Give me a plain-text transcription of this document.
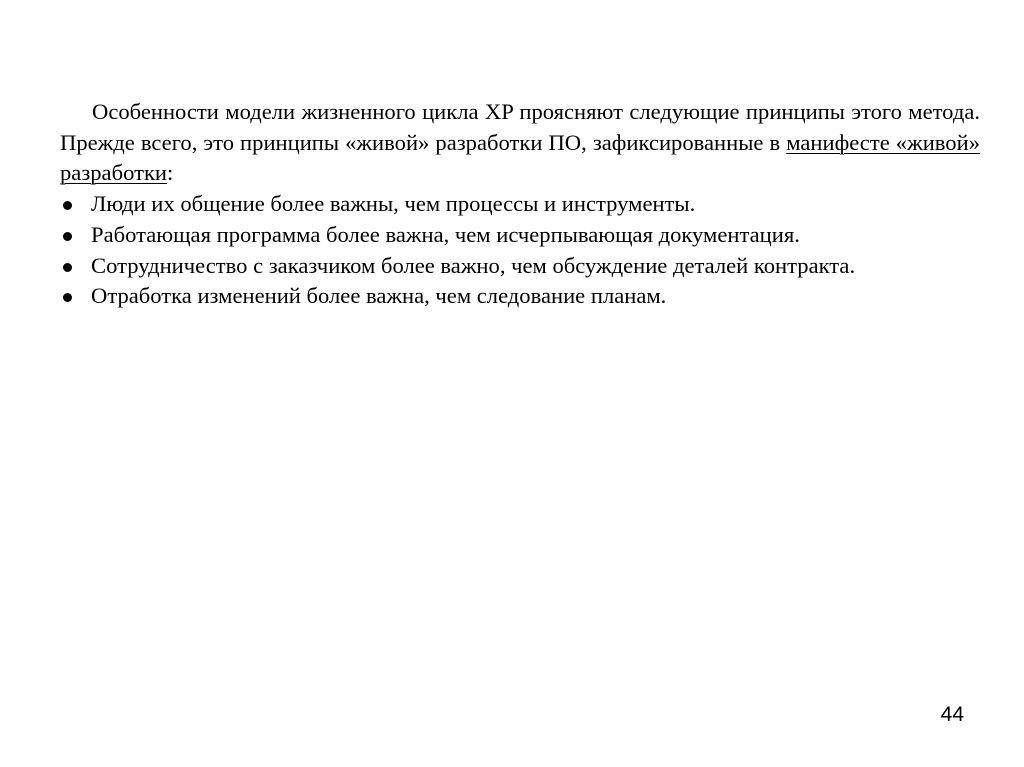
Особенности модели жизненного цикла XP проясняют следующие принципы этого метода. Прежде всего, это принципы «живой» разработки ПО, зафиксированные в манифесте «живой» разработки:

Люди их общение более важны, чем процессы и инструменты.
Работающая программа более важна, чем исчерпывающая документация.
Сотрудничество с заказчиком более важно, чем обсуждение деталей контракта.
Отработка изменений более важна, чем следование планам.
44
